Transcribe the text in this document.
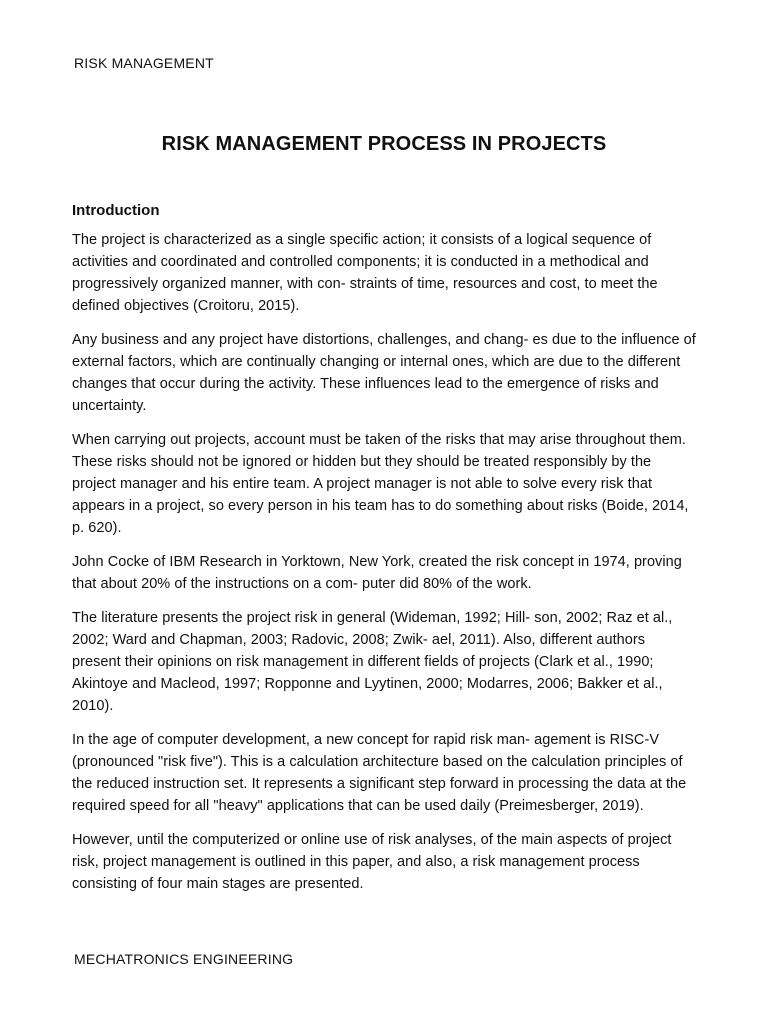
RISK MANAGEMENT
RISK MANAGEMENT PROCESS IN PROJECTS
Introduction

The project is characterized as a single specific action; it consists of a logical sequence of activities and coordinated and controlled components; it is conducted in a methodical and progressively organized manner, with con- straints of time, resources and cost, to meet the defined objectives (Croitoru, 2015).

Any business and any project have distortions, challenges, and chang- es due to the influence of external factors, which are continually changing or internal ones, which are due to the different changes that occur during the activity. These influences lead to the emergence of risks and uncertainty.

When carrying out projects, account must be taken of the risks that may arise throughout them. These risks should not be ignored or hidden but they should be treated responsibly by the project manager and his entire team. A project manager is not able to solve every risk that appears in a project, so every person in his team has to do something about risks (Boide, 2014, p. 620).

John Cocke of IBM Research in Yorktown, New York, created the risk concept in 1974, proving that about 20% of the instructions on a com- puter did 80% of the work.

The literature presents the project risk in general (Wideman, 1992; Hill- son, 2002; Raz et al., 2002; Ward and Chapman, 2003; Radovic, 2008; Zwik- ael, 2011). Also, different authors present their opinions on risk management in different fields of projects (Clark et al., 1990; Akintoye and Macleod, 1997; Ropponne and Lyytinen, 2000; Modarres, 2006; Bakker et al., 2010).

In the age of computer development, a new concept for rapid risk man- agement is RISC-V (pronounced "risk five"). This is a calculation architecture based on the calculation principles of the reduced instruction set. It represents a significant step forward in processing the data at the required speed for all "heavy" applications that can be used daily (Preimesberger, 2019).

However, until the computerized or online use of risk analyses, of the main aspects of project risk, project management is outlined in this paper, and also, a risk management process consisting of four main stages are presented.

MECHATRONICS ENGINEERING
